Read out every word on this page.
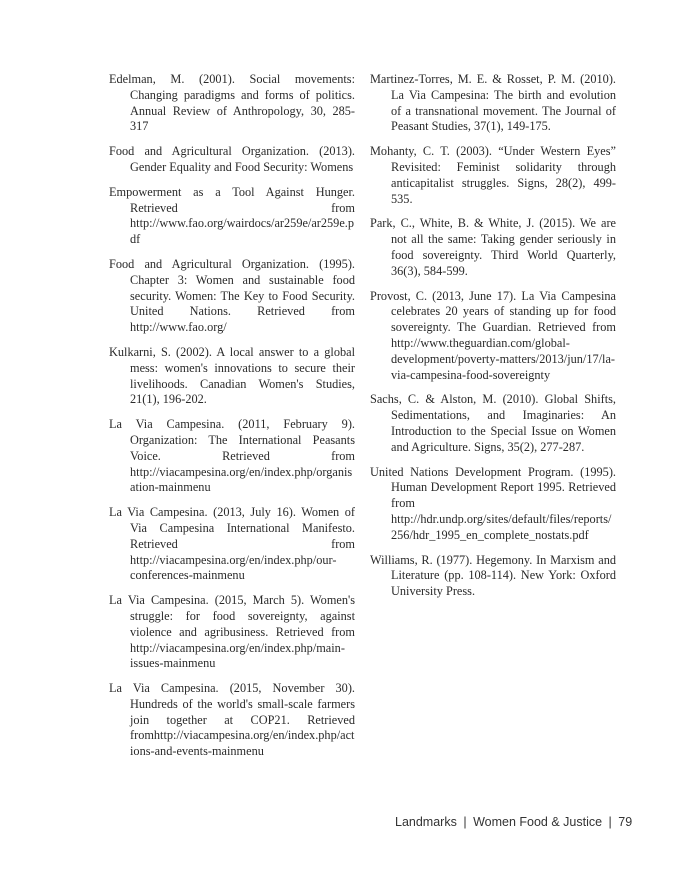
Edelman, M. (2001). Social movements: Changing paradigms and forms of politics. Annual Review of Anthropology, 30, 285-317

Food and Agricultural Organization. (2013). Gender Equality and Food Security: Womens

Empowerment as a Tool Against Hunger. Retrieved from http://www.fao.org/wairdocs/ar259e/ar259e.pdf

Food and Agricultural Organization. (1995). Chapter 3: Women and sustainable food security. Women: The Key to Food Security. United Nations. Retrieved from http://www.fao.org/

Kulkarni, S. (2002). A local answer to a global mess: women's innovations to secure their livelihoods. Canadian Women's Studies, 21(1), 196-202.

La Via Campesina. (2011, February 9). Organization: The International Peasants Voice. Retrieved from http://viacampesina.org/en/index.php/organisation-mainmenu

La Via Campesina. (2013, July 16). Women of Via Campesina International Manifesto. Retrieved from http://viacampesina.org/en/index.php/our-conferences-mainmenu

La Via Campesina. (2015, March 5). Women's struggle: for food sovereignty, against violence and agribusiness. Retrieved from http://viacampesina.org/en/index.php/main-issues-mainmenu

La Via Campesina. (2015, November 30). Hundreds of the world's small-scale farmers join together at COP21. Retrieved fromhttp://viacampesina.org/en/index.php/actions-and-events-mainmenu

Martinez-Torres, M. E. & Rosset, P. M. (2010). La Via Campesina: The birth and evolution of a transnational movement. The Journal of Peasant Studies, 37(1), 149-175.

Mohanty, C. T. (2003). “Under Western Eyes” Revisited: Feminist solidarity through anticapitalist struggles. Signs, 28(2), 499-535.

Park, C., White, B. & White, J. (2015). We are not all the same: Taking gender seriously in food sovereignty. Third World Quarterly, 36(3), 584-599.

Provost, C. (2013, June 17). La Via Campesina celebrates 20 years of standing up for food sovereignty. The Guardian. Retrieved from http://www.theguardian.com/global-development/poverty-matters/2013/jun/17/la-via-campesina-food-sovereignty

Sachs, C. & Alston, M. (2010). Global Shifts, Sedimentations, and Imaginaries: An Introduction to the Special Issue on Women and Agriculture. Signs, 35(2), 277-287.

United Nations Development Program. (1995). Human Development Report 1995. Retrieved from http://hdr.undp.org/sites/default/files/reports/256/hdr_1995_en_complete_nostats.pdf

Williams, R. (1977). Hegemony. In Marxism and Literature (pp. 108-114). New York: Oxford University Press.

Landmarks | Women Food & Justice | 79
